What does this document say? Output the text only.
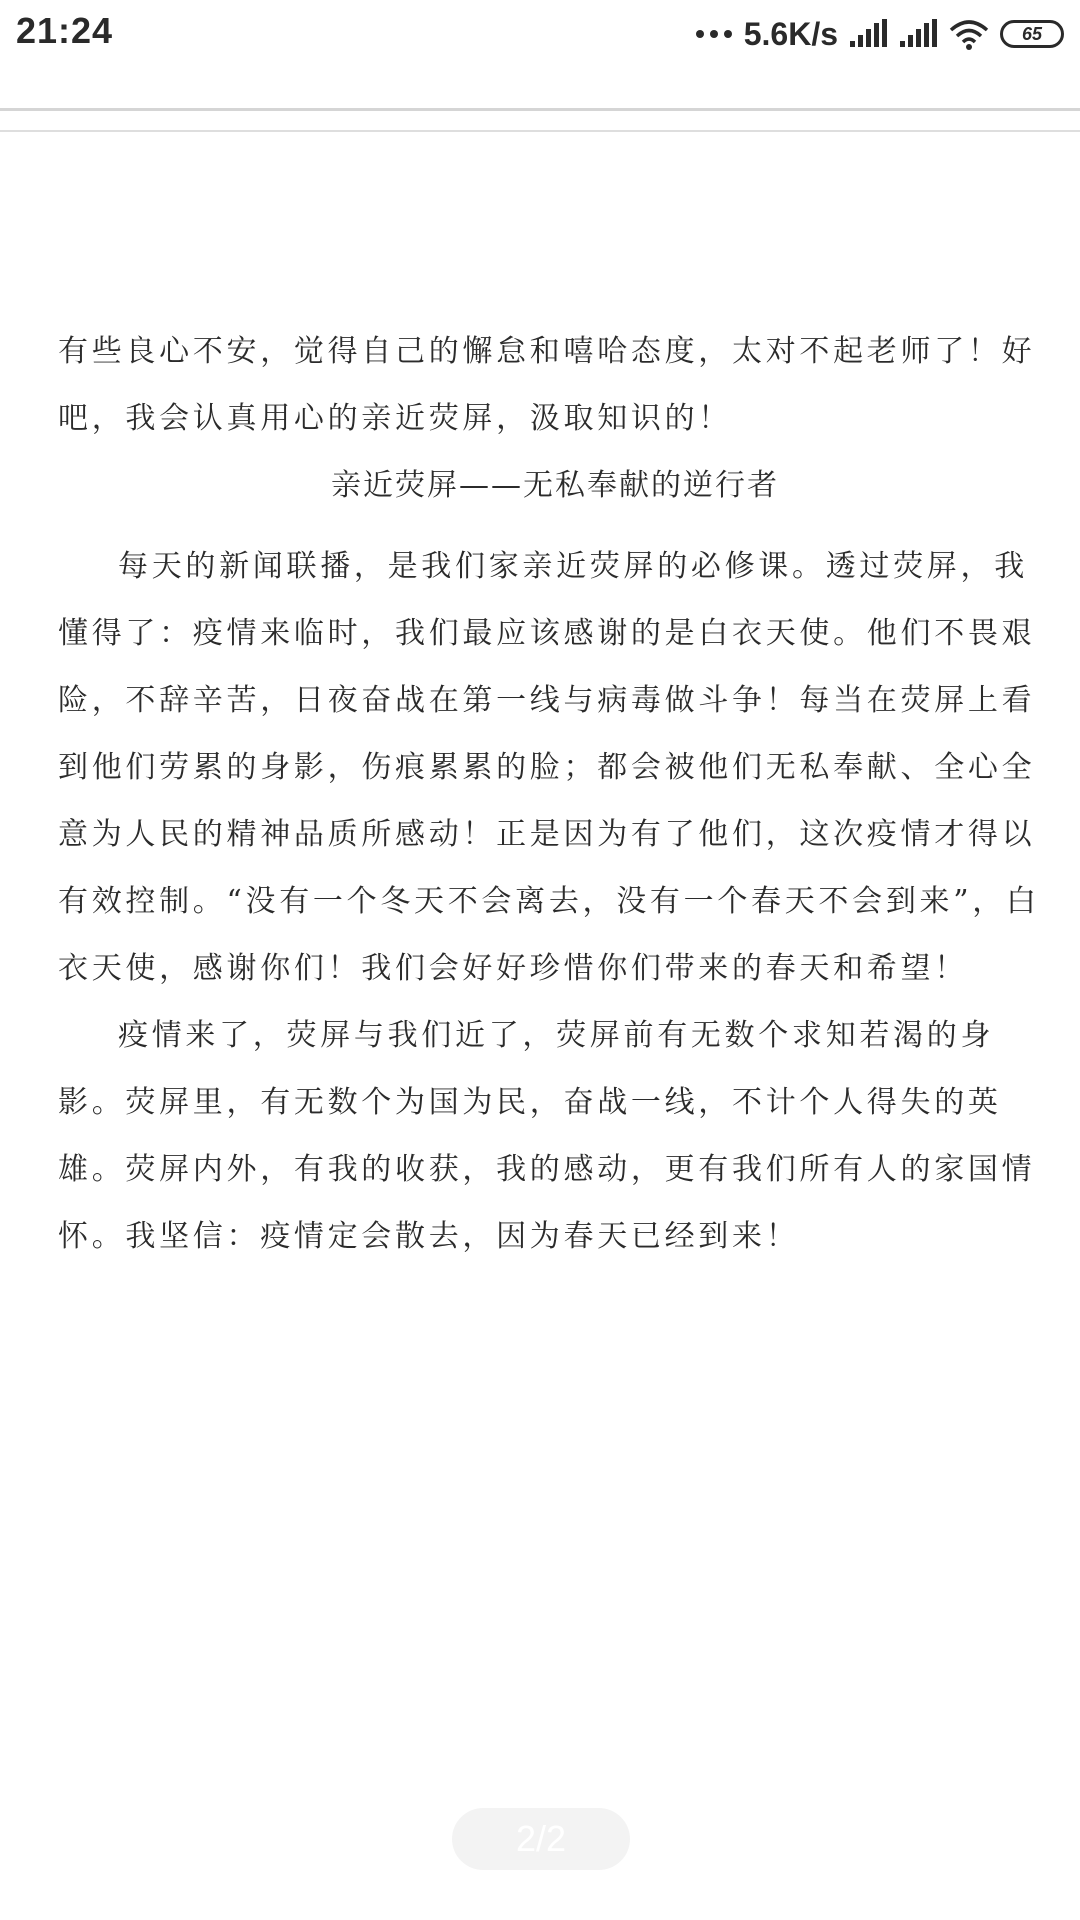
21:24	5.6K/s	65

有些良心不安，觉得自己的懈怠和嘻哈态度，太对不起老师了！好吧，我会认真用心的亲近荧屏，汲取知识的！

亲近荧屏——无私奉献的逆行者

每天的新闻联播，是我们家亲近荧屏的必修课。透过荧屏，我懂得了：疫情来临时，我们最应该感谢的是白衣天使。他们不畏艰险，不辞辛苦，日夜奋战在第一线与病毒做斗争！每当在荧屏上看到他们劳累的身影，伤痕累累的脸；都会被他们无私奉献、全心全意为人民的精神品质所感动！正是因为有了他们，这次疫情才得以有效控制。“没有一个冬天不会离去，没有一个春天不会到来”，白衣天使，感谢你们！我们会好好珍惜你们带来的春天和希望！

疫情来了，荧屏与我们近了，荧屏前有无数个求知若渴的身影。荧屏里，有无数个为国为民，奋战一线，不计个人得失的英雄。荧屏内外，有我的收获，我的感动，更有我们所有人的家国情怀。我坚信：疫情定会散去，因为春天已经到来！

2/2
